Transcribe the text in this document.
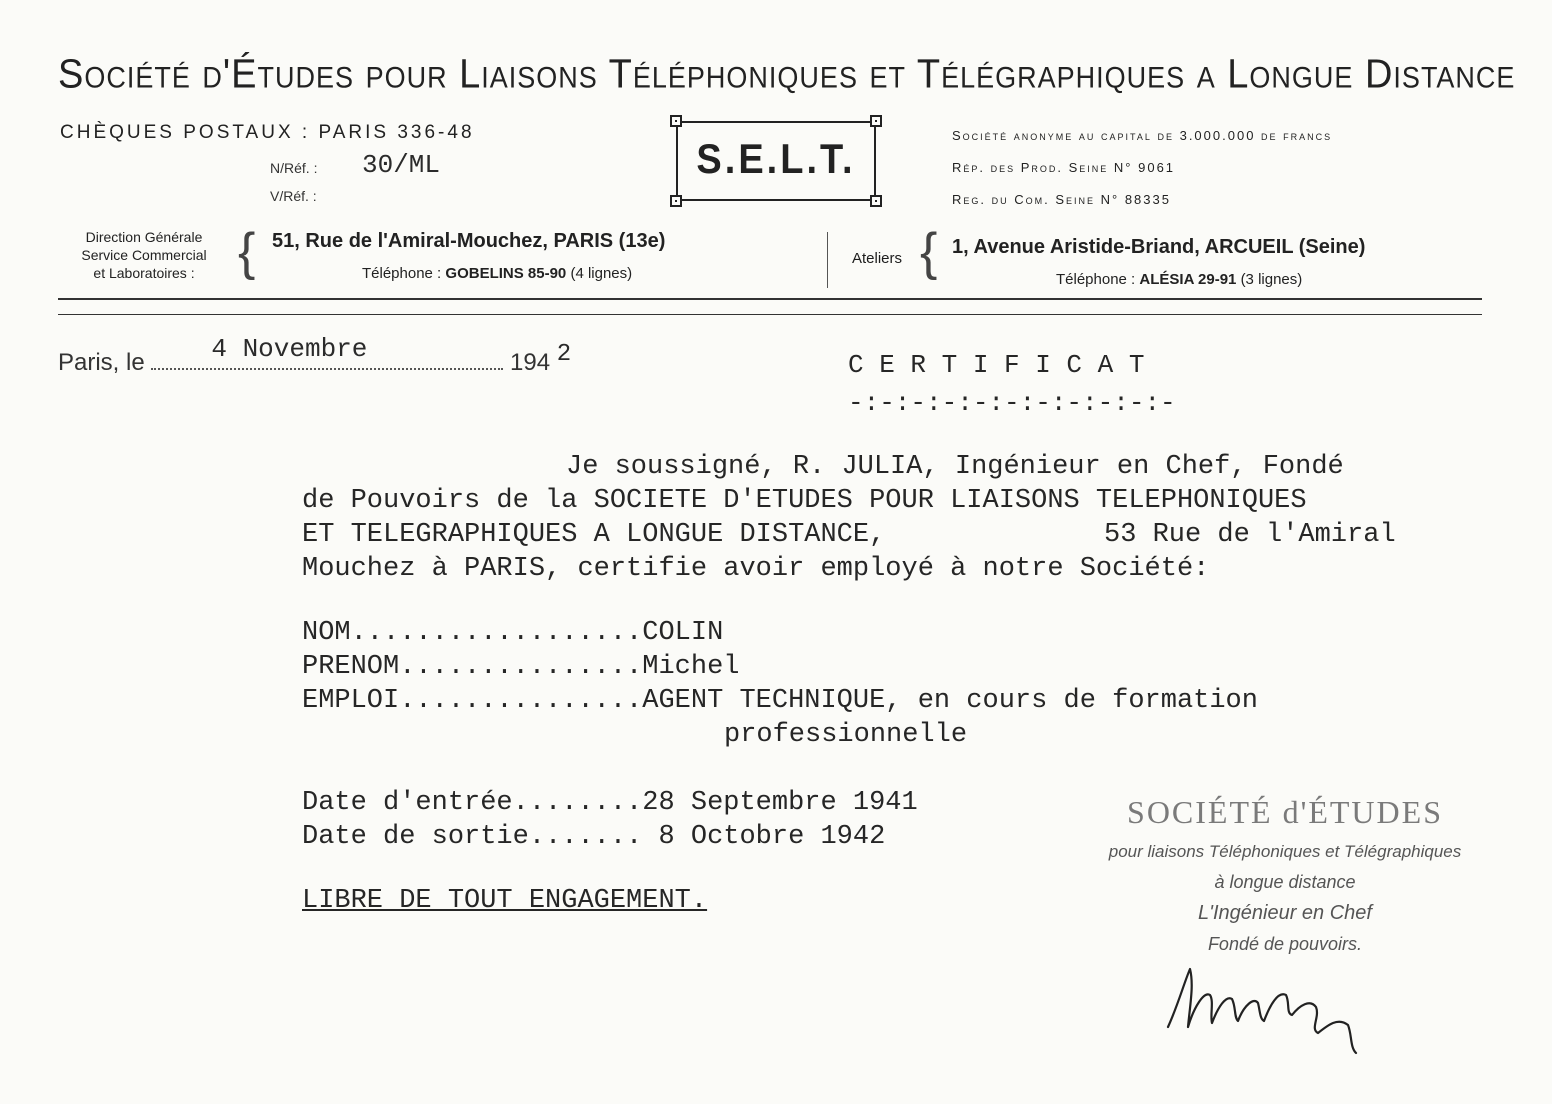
Société d'Études pour Liaisons Téléphoniques et Télégraphiques a Longue Distance
CHÈQUES POSTAUX : PARIS 336-48
N/Réf. : 30/ML
V/Réf. :
S.E.L.T.
Société anonyme au capital de 3.000.000 de francs
Rép. des Prod. Seine N° 9061
Reg. du Com. Seine N° 88335
Direction Générale
Service Commercial
et Laboratoires : { 51, Rue de l'Amiral-Mouchez, PARIS (13e)
Téléphone : GOBELINS 85-90 (4 lignes)
Ateliers { 1, Avenue Aristide-Briand, ARCUEIL (Seine)
Téléphone : ALÉSIA 29-91 (3 lignes)
Paris, le	4 Novembre	194 2	C E R T I F I C A T
-:-:-:-:-:-:-:-:-:-:-
Je soussigné, R. JULIA, Ingénieur en Chef, Fondé
de Pouvoirs de la SOCIETE D'ETUDES POUR LIAISONS TELEPHONIQUES
ET TELEGRAPHIQUES A LONGUE DISTANCE,	53 Rue de l'Amiral
Mouchez à PARIS, certifie avoir employé à notre Société:
NOM..................COLIN
PRENOM...............Michel
EMPLOI...............AGENT TECHNIQUE, en cours de formation
professionnelle
Date d'entrée........28 Septembre 1941
Date de sortie....... 8 Octobre 1942
LIBRE DE TOUT ENGAGEMENT.
SOCIÉTÉ d'ÉTUDES
pour liaisons Téléphoniques et Télégraphiques
à longue distance
L'Ingénieur en Chef
Fondé de pouvoirs.
